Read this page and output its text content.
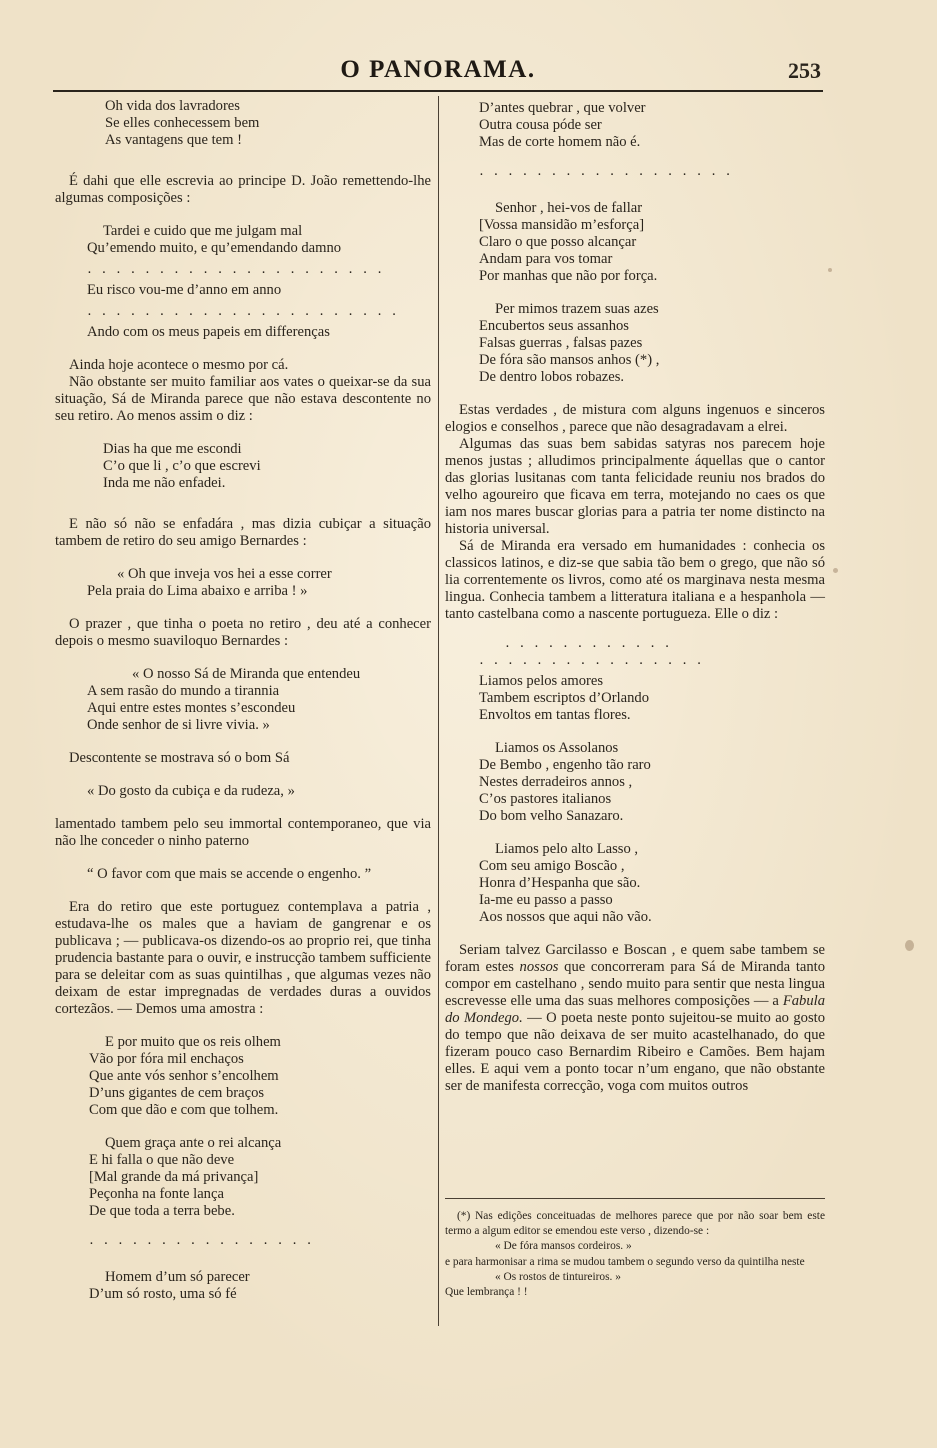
O PANORAMA.	253
Oh vida dos lavradores
Se elles conhecessem bem
As vantagens que tem !

É dahi que elle escrevia ao principe D. João remettendo-lhe algumas composições :

Tardei e cuido que me julgam mal
Qu’emendo muito, e qu’emendando damno
· · · · · · · · · · · · · · · · · · · · ·
Eu risco vou-me d’anno em anno
· · · · · · · · · · · · · · · · · · · · · ·
Ando com os meus papeis em differenças

Ainda hoje acontece o mesmo por cá.

Não obstante ser muito familiar aos vates o queixar-se da sua situação, Sá de Miranda parece que não estava descontente no seu retiro. Ao menos assim o diz :

Dias ha que me escondi
C’o que li , c’o que escrevi
Inda me não enfadei.

E não só não se enfadára , mas dizia cubiçar a situação tambem de retiro do seu amigo Bernardes :

« Oh que inveja vos hei a esse correr
Pela praia do Lima abaixo e arriba ! »

O prazer , que tinha o poeta no retiro , deu até a conhecer depois o mesmo suaviloquo Bernardes :

« O nosso Sá de Miranda que entendeu
A sem rasão do mundo a tirannia
Aqui entre estes montes s’escondeu
Onde senhor de si livre vivia. »

Descontente se mostrava só o bom Sá

« Do gosto da cubiça e da rudeza, »

lamentado tambem pelo seu immortal contemporaneo, que via não lhe conceder o ninho paterno

“ O favor com que mais se accende o engenho. ”

Era do retiro que este portuguez contemplava a patria , estudava-lhe os males que a haviam de gangrenar e os publicava ; — publicava-os dizendo-os ao proprio rei, que tinha prudencia bastante para o ouvir, e instrucção tambem sufficiente para se deleitar com as suas quintilhas , que algumas vezes não deixam de estar impregnadas de verdades duras a ouvidos cortezãos. — Demos uma amostra :

E por muito que os reis olhem
Vão por fóra mil enchaços
Que ante vós senhor s’encolhem
D’uns gigantes de cem braços
Com que dão e com que tolhem.
Quem graça ante o rei alcança
E hi falla o que não deve
[Mal grande da má privança]
Peçonha na fonte lança
De que toda a terra bebe.
· · · · · · · · · · · · · · · ·
Homem d’um só parecer
D’um só rosto, uma só fé
D’antes quebrar , que volver
Outra cousa póde ser
Mas de corte homem não é.
· · · · · · · · · · · · · · · · · ·
Senhor , hei-vos de fallar
[Vossa mansidão m’esforça]
Claro o que posso alcançar
Andam para vos tomar
Por manhas que não por força.
Per mimos trazem suas azes
Encubertos seus assanhos
Falsas guerras , falsas pazes
De fóra são mansos anhos (*) ,
De dentro lobos robazes.

Estas verdades , de mistura com alguns ingenuos e sinceros elogios e conselhos , parece que não desagradavam a elrei.

Algumas das suas bem sabidas satyras nos parecem hoje menos justas ; alludimos principalmente áquellas que o cantor das glorias lusitanas com tanta felicidade reuniu nos brados do velho agoureiro que ficava em terra, motejando no caes os que iam nos mares buscar glorias para a patria ter nome distincto na historia universal.

Sá de Miranda era versado em humanidades : conhecia os classicos latinos, e diz-se que sabia tão bem o grego, que não só lia correntemente os livros, como até os marginava nesta mesma lingua. Conhecia tambem a litteratura italiana e a hespanhola — tanto castelbana como a nascente portugueza. Elle o diz :

· · · · · · · · · · · ·
· · · · · · · · · · · · · · · ·
Liamos pelos amores
Tambem escriptos d’Orlando
Envoltos em tantas flores.
Liamos os Assolanos
De Bembo , engenho tão raro
Nestes derradeiros annos ,
C’os pastores italianos
Do bom velho Sanazaro.
Liamos pelo alto Lasso ,
Com seu amigo Boscão ,
Honra d’Hespanha que são.
Ia-me eu passo a passo
Aos nossos que aqui não vão.

Seriam talvez Garcilasso e Boscan , e quem sabe tambem se foram estes nossos que concorreram para Sá de Miranda tanto compor em castelhano , sendo muito para sentir que nesta lingua escrevesse elle uma das suas melhores composições — a Fabula do Mondego. — O poeta neste ponto sujeitou-se muito ao gosto do tempo que não deixava de ser muito acastelhanado, do que fizeram pouco caso Bernardim Ribeiro e Camões. Bem hajam elles. E aqui vem a ponto tocar n’um engano, que não obstante ser de manifesta correcção, voga com muitos outros

(*) Nas edições conceituadas de melhores parece que por não soar bem este termo a algum editor se emendou este verso , dizendo-se :

« De fóra mansos cordeiros. »

e para harmonisar a rima se mudou tambem o segundo verso da quintilha neste

« Os rostos de tintureiros. »

Que lembrança ! !
